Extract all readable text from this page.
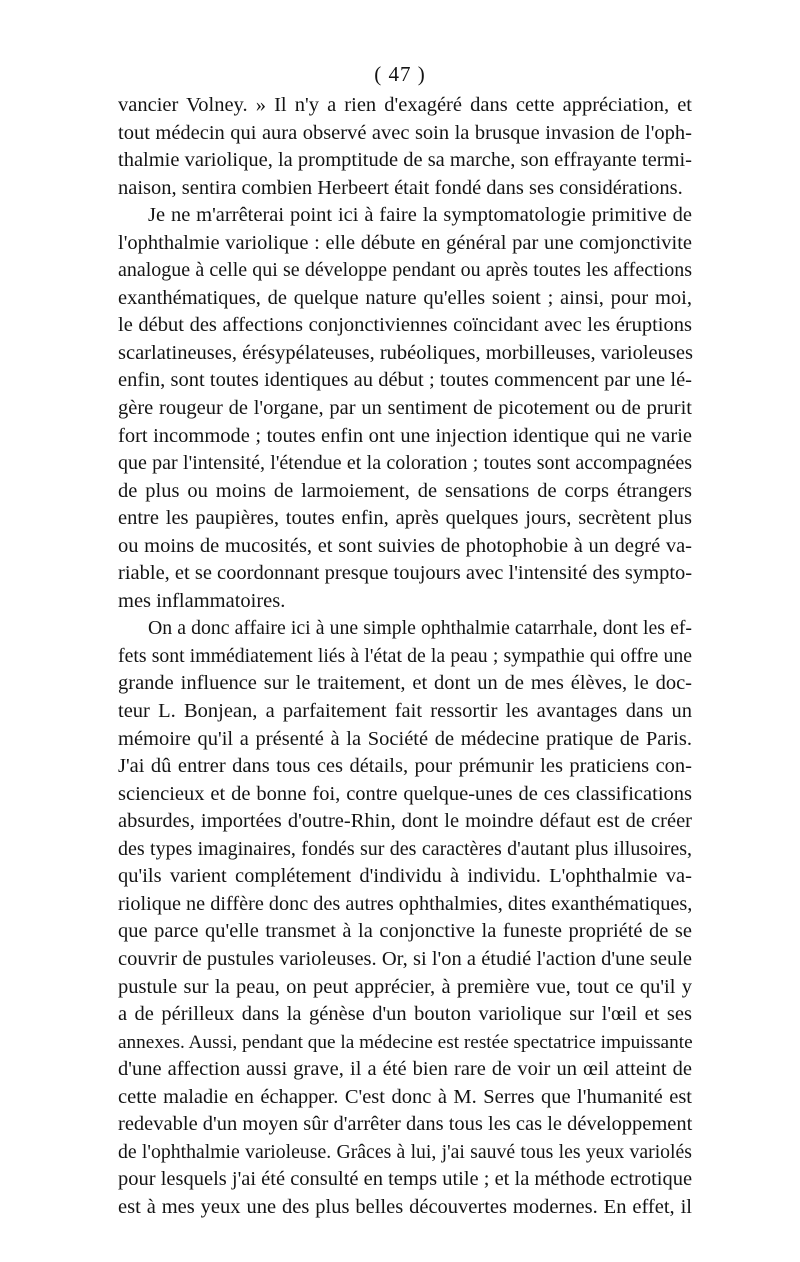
( 47 )
vancier Volney. » Il n'y a rien d'exagéré dans cette appréciation, et
tout médecin qui aura observé avec soin la brusque invasion de l'oph-
thalmie variolique, la promptitude de sa marche, son effrayante termi-
naison, sentira combien Herbeert était fondé dans ses considérations.
Je ne m'arrêterai point ici à faire la symptomatologie primitive de
l'ophthalmie variolique : elle débute en général par une comjonctivite
analogue à celle qui se développe pendant ou après toutes les affections
exanthématiques, de quelque nature qu'elles soient ; ainsi, pour moi,
le début des affections conjonctiviennes coïncidant avec les éruptions
scarlatineuses, érésypélateuses, rubéoliques, morbilleuses, varioleuses
enfin, sont toutes identiques au début ; toutes commencent par une lé-
gère rougeur de l'organe, par un sentiment de picotement ou de prurit
fort incommode ; toutes enfin ont une injection identique qui ne varie
que par l'intensité, l'étendue et la coloration ; toutes sont accompagnées
de plus ou moins de larmoiement, de sensations de corps étrangers
entre les paupières, toutes enfin, après quelques jours, secrètent plus
ou moins de mucosités, et sont suivies de photophobie à un degré va-
riable, et se coordonnant presque toujours avec l'intensité des sympto-
mes inflammatoires.
On a donc affaire ici à une simple ophthalmie catarrhale, dont les ef-
fets sont immédiatement liés à l'état de la peau ; sympathie qui offre une
grande influence sur le traitement, et dont un de mes élèves, le doc-
teur L. Bonjean, a parfaitement fait ressortir les avantages dans un
mémoire qu'il a présenté à la Société de médecine pratique de Paris.
J'ai dû entrer dans tous ces détails, pour prémunir les praticiens con-
sciencieux et de bonne foi, contre quelque-unes de ces classifications
absurdes, importées d'outre-Rhin, dont le moindre défaut est de créer
des types imaginaires, fondés sur des caractères d'autant plus illusoires,
qu'ils varient complétement d'individu à individu. L'ophthalmie va-
riolique ne diffère donc des autres ophthalmies, dites exanthématiques,
que parce qu'elle transmet à la conjonctive la funeste propriété de se
couvrir de pustules varioleuses. Or, si l'on a étudié l'action d'une seule
pustule sur la peau, on peut apprécier, à première vue, tout ce qu'il y
a de périlleux dans la génèse d'un bouton variolique sur l'œil et ses
annexes. Aussi, pendant que la médecine est restée spectatrice impuissante
d'une affection aussi grave, il a été bien rare de voir un œil atteint de
cette maladie en échapper. C'est donc à M. Serres que l'humanité est
redevable d'un moyen sûr d'arrêter dans tous les cas le développement
de l'ophthalmie varioleuse. Grâces à lui, j'ai sauvé tous les yeux variolés
pour lesquels j'ai été consulté en temps utile ; et la méthode ectrotique
est à mes yeux une des plus belles découvertes modernes. En effet, il
